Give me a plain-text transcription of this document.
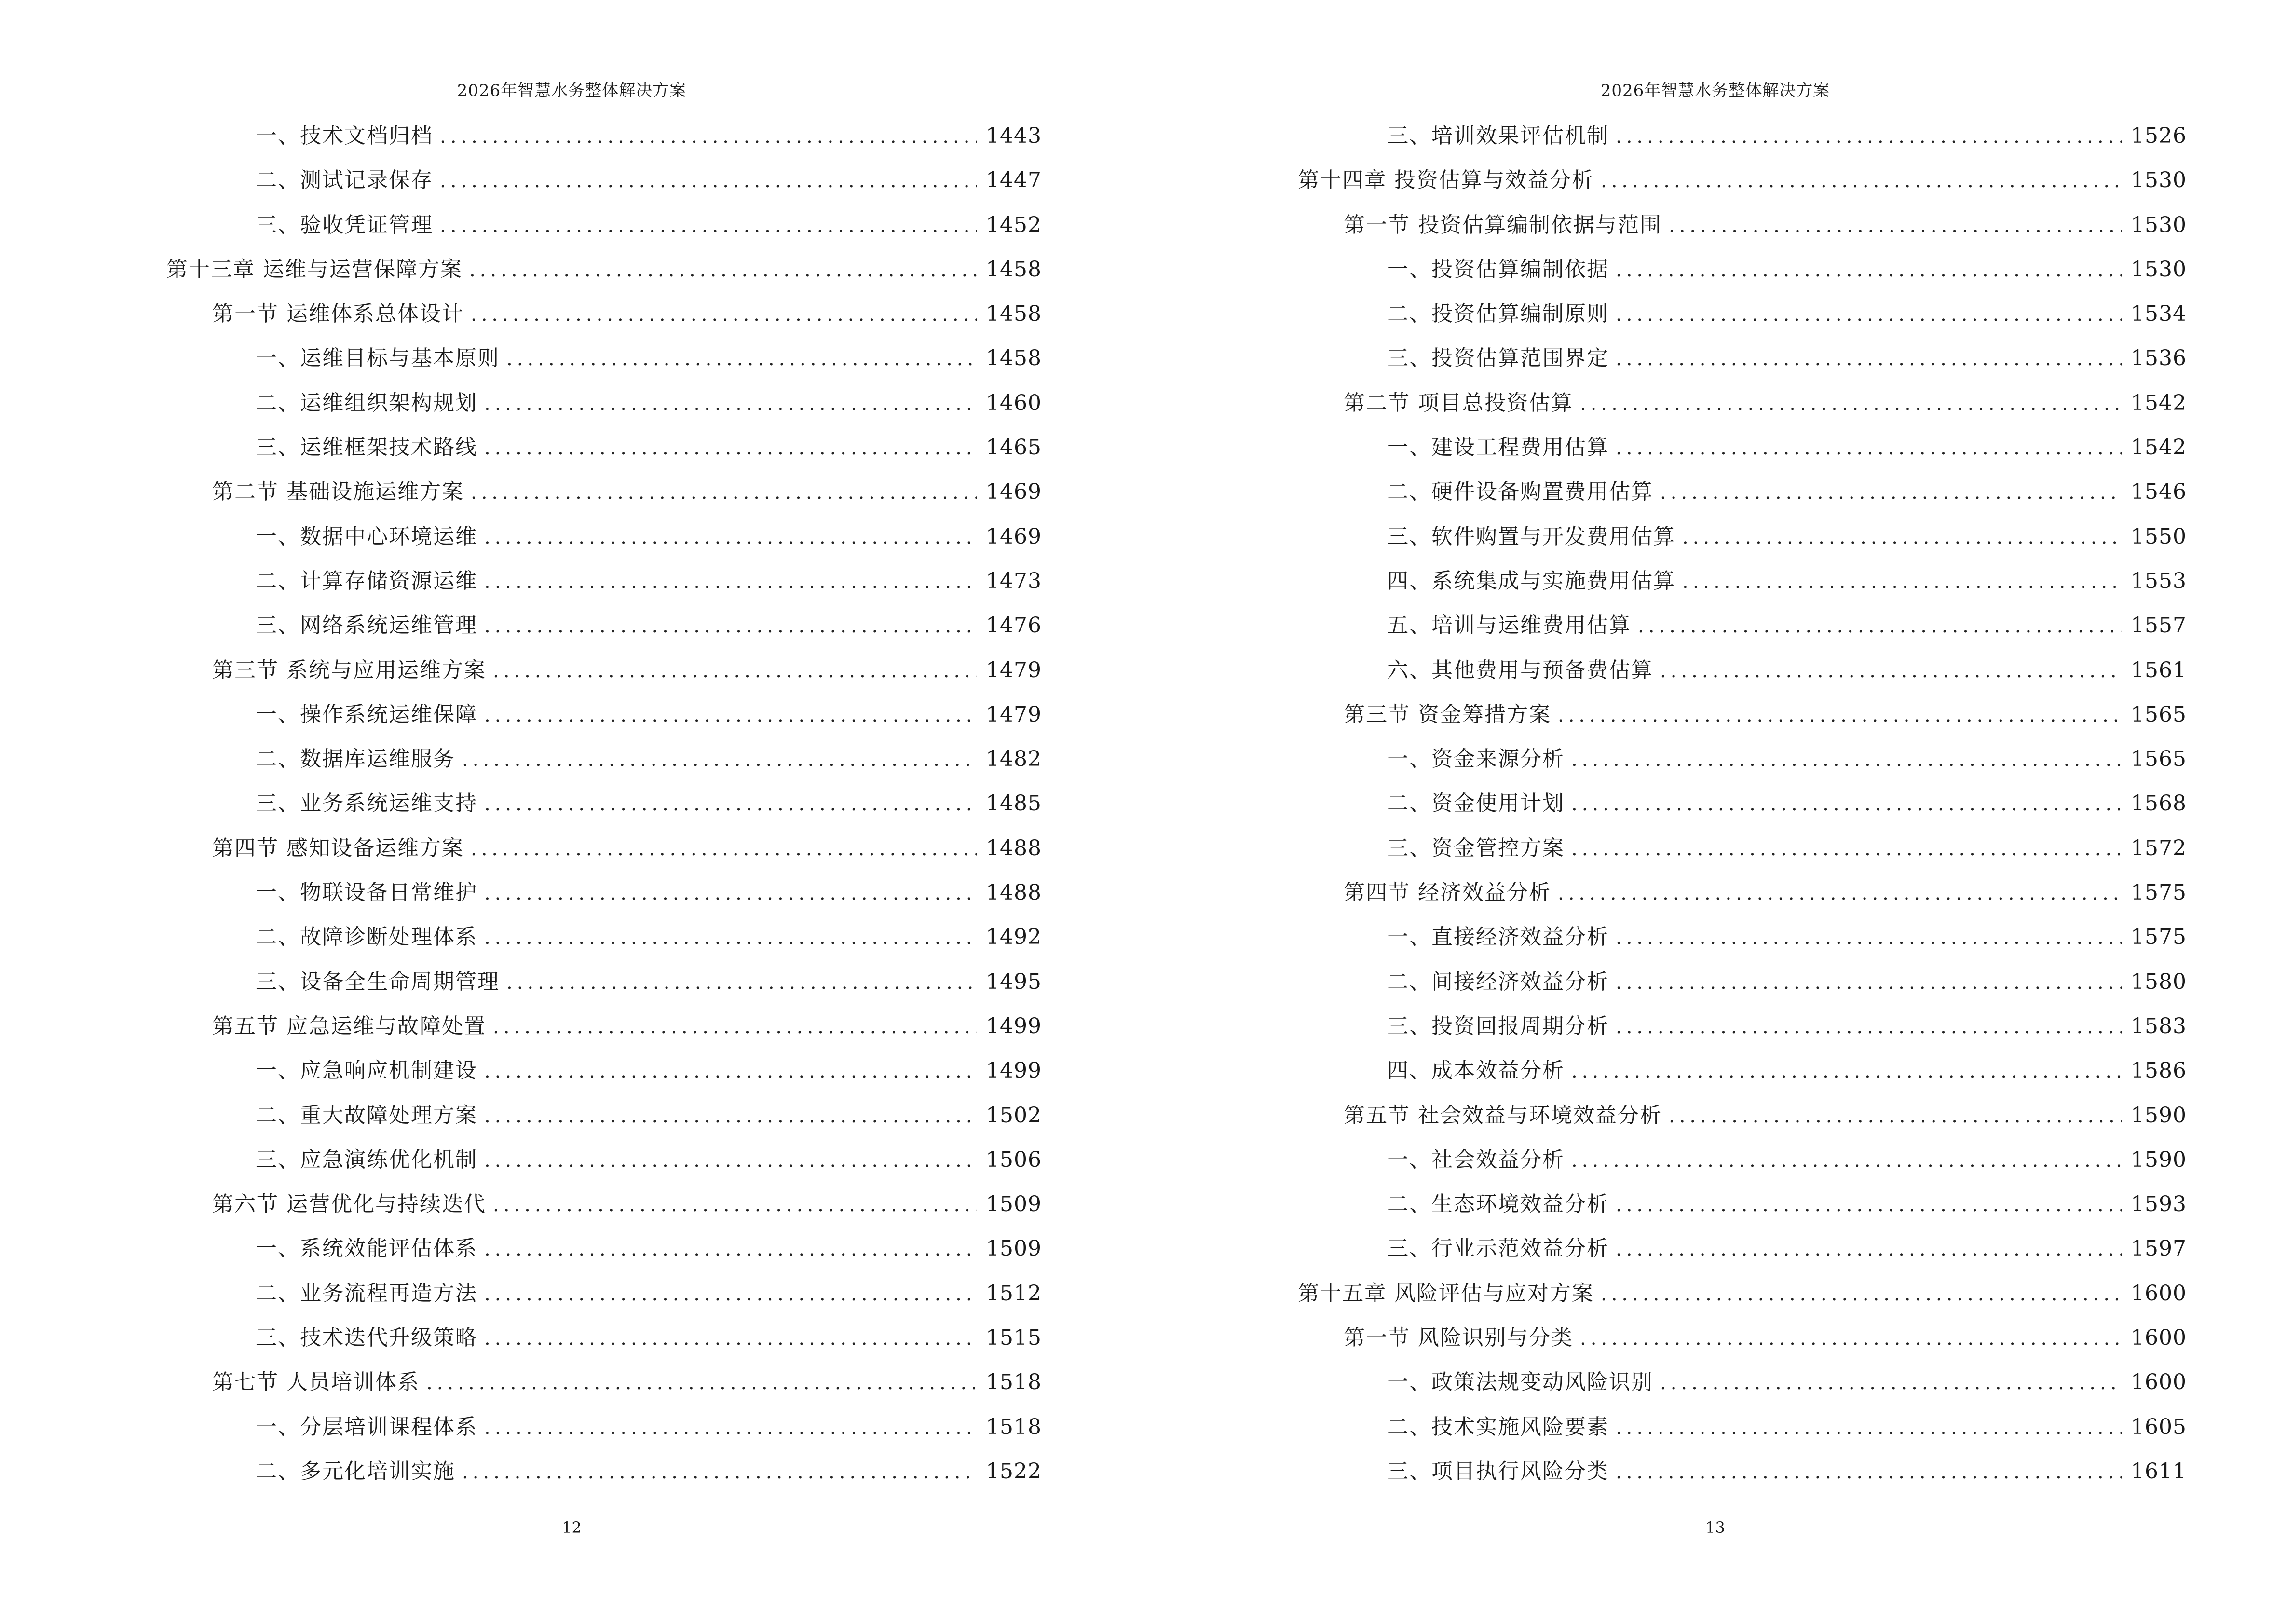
2026年智慧水务整体解决方案
一、技术文档归档 .....	1443
二、测试记录保存 .....	1447
三、验收凭证管理 .....	1452
第十三章 运维与运营保障方案 .....	1458
第一节 运维体系总体设计 .....	1458
一、运维目标与基本原则 .....	1458
二、运维组织架构规划 .....	1460
三、运维框架技术路线 .....	1465
第二节 基础设施运维方案 .....	1469
一、数据中心环境运维 .....	1469
二、计算存储资源运维 .....	1473
三、网络系统运维管理 .....	1476
第三节 系统与应用运维方案 .....	1479
一、操作系统运维保障 .....	1479
二、数据库运维服务 .....	1482
三、业务系统运维支持 .....	1485
第四节 感知设备运维方案 .....	1488
一、物联设备日常维护 .....	1488
二、故障诊断处理体系 .....	1492
三、设备全生命周期管理 .....	1495
第五节 应急运维与故障处置 .....	1499
一、应急响应机制建设 .....	1499
二、重大故障处理方案 .....	1502
三、应急演练优化机制 .....	1506
第六节 运营优化与持续迭代 .....	1509
一、系统效能评估体系 .....	1509
二、业务流程再造方法 .....	1512
三、技术迭代升级策略 .....	1515
第七节 人员培训体系 .....	1518
一、分层培训课程体系 .....	1518
二、多元化培训实施 .....	1522
12
2026年智慧水务整体解决方案
三、培训效果评估机制 .....	1526
第十四章 投资估算与效益分析 .....	1530
第一节 投资估算编制依据与范围 .....	1530
一、投资估算编制依据 .....	1530
二、投资估算编制原则 .....	1534
三、投资估算范围界定 .....	1536
第二节 项目总投资估算 .....	1542
一、建设工程费用估算 .....	1542
二、硬件设备购置费用估算 .....	1546
三、软件购置与开发费用估算 .....	1550
四、系统集成与实施费用估算 .....	1553
五、培训与运维费用估算 .....	1557
六、其他费用与预备费估算 .....	1561
第三节 资金筹措方案 .....	1565
一、资金来源分析 .....	1565
二、资金使用计划 .....	1568
三、资金管控方案 .....	1572
第四节 经济效益分析 .....	1575
一、直接经济效益分析 .....	1575
二、间接经济效益分析 .....	1580
三、投资回报周期分析 .....	1583
四、成本效益分析 .....	1586
第五节 社会效益与环境效益分析 .....	1590
一、社会效益分析 .....	1590
二、生态环境效益分析 .....	1593
三、行业示范效益分析 .....	1597
第十五章 风险评估与应对方案 .....	1600
第一节 风险识别与分类 .....	1600
一、政策法规变动风险识别 .....	1600
二、技术实施风险要素 .....	1605
三、项目执行风险分类 .....	1611
13
